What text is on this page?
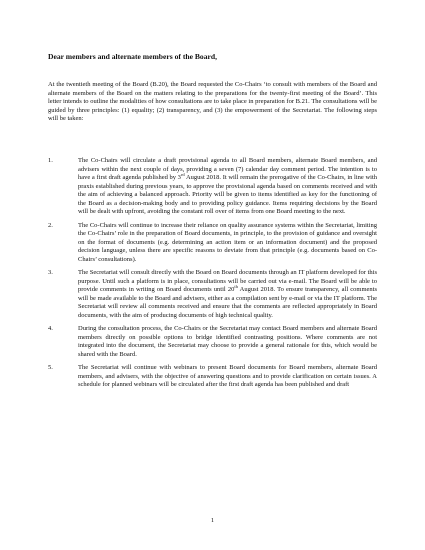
Dear members and alternate members of the Board,

At the twentieth meeting of the Board (B.20), the Board requested the Co-Chairs ‘to consult with members of the Board and alternate members of the Board on the matters relating to the preparations for the twenty-first meeting of the Board’. This letter intends to outline the modalities of how consultations are to take place in preparation for B.21. The consultations will be guided by three principles: (1) equality; (2) transparency, and (3) the empowerment of the Secretariat. The following steps will be taken:

1.	The Co-Chairs will circulate a draft provisional agenda to all Board members, alternate Board members, and advisers within the next couple of days, providing a seven (7) calendar day comment period. The intention is to have a first draft agenda published by 3rd August 2018. It will remain the prerogative of the Co-Chairs, in line with praxis established during previous years, to approve the provisional agenda based on comments received and with the aim of achieving a balanced approach. Priority will be given to items identified as key for the functioning of the Board as a decision-making body and to providing policy guidance. Items requiring decisions by the Board will be dealt with upfront, avoiding the constant roll over of items from one Board meeting to the next.
2.	The Co-Chairs will continue to increase their reliance on quality assurance systems within the Secretariat, limiting the Co-Chairs’ role in the preparation of Board documents, in principle, to the provision of guidance and oversight on the format of documents (e.g. determining an action item or an information document) and the proposed decision language, unless there are specific reasons to deviate from that principle (e.g. documents based on Co-Chairs’ consultations).
3.	The Secretariat will consult directly with the Board on Board documents through an IT platform developed for this purpose. Until such a platform is in place, consultations will be carried out via e-mail. The Board will be able to provide comments in writing on Board documents until 20th August 2018. To ensure transparency, all comments will be made available to the Board and advisers, either as a compilation sent by e-mail or via the IT platform. The Secretariat will review all comments received and ensure that the comments are reflected appropriately in Board documents, with the aim of producing documents of high technical quality.
4.	During the consultation process, the Co-Chairs or the Secretariat may contact Board members and alternate Board members directly on possible options to bridge identified contrasting positions. Where comments are not integrated into the document, the Secretariat may choose to provide a general rationale for this, which would be shared with the Board.
5.	The Secretariat will continue with webinars to present Board documents for Board members, alternate Board members, and advisers, with the objective of answering questions and to provide clarification on certain issues. A schedule for planned webinars will be circulated after the first draft agenda has been published and draft
1
